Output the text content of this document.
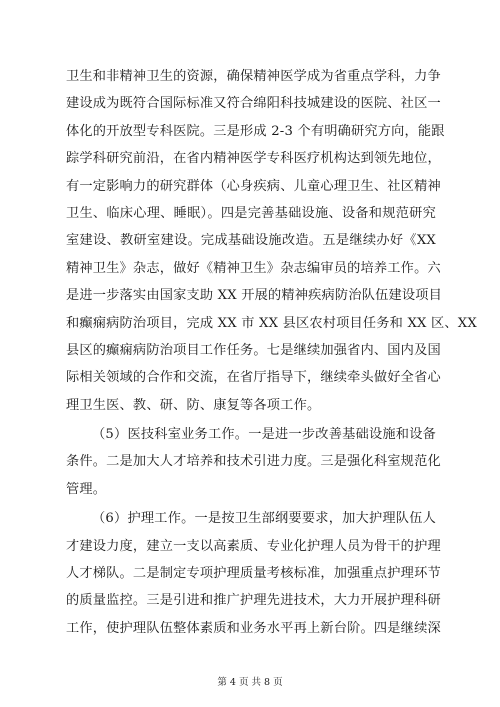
卫生和非精神卫生的资源，确保精神医学成为省重点学科，力争
建设成为既符合国际标准又符合绵阳科技城建设的医院、社区一
体化的开放型专科医院。三是形成 2-3 个有明确研究方向，能跟
踪学科研究前沿，在省内精神医学专科医疗机构达到领先地位，
有一定影响力的研究群体（心身疾病、儿童心理卫生、社区精神
卫生、临床心理、睡眠）。四是完善基础设施、设备和规范研究
室建设、教研室建设。完成基础设施改造。五是继续办好《XX
精神卫生》杂志，做好《精神卫生》杂志编审员的培养工作。六
是进一步落实由国家支助 XX 开展的精神疾病防治队伍建设项目
和癫痫病防治项目，完成 XX 市 XX 县区农村项目任务和 XX 区、XX
县区的癫痫病防治项目工作任务。七是继续加强省内、国内及国
际相关领域的合作和交流，在省厅指导下，继续牵头做好全省心
理卫生医、教、研、防、康复等各项工作。
（5）医技科室业务工作。一是进一步改善基础设施和设备
条件。二是加大人才培养和技术引进力度。三是强化科室规范化
管理。
（6）护理工作。一是按卫生部纲要要求，加大护理队伍人
才建设力度，建立一支以高素质、专业化护理人员为骨干的护理
人才梯队。二是制定专项护理质量考核标准，加强重点护理环节
的质量监控。三是引进和推广护理先进技术，大力开展护理科研
工作，使护理队伍整体素质和业务水平再上新台阶。四是继续深
第 4 页 共 8 页
